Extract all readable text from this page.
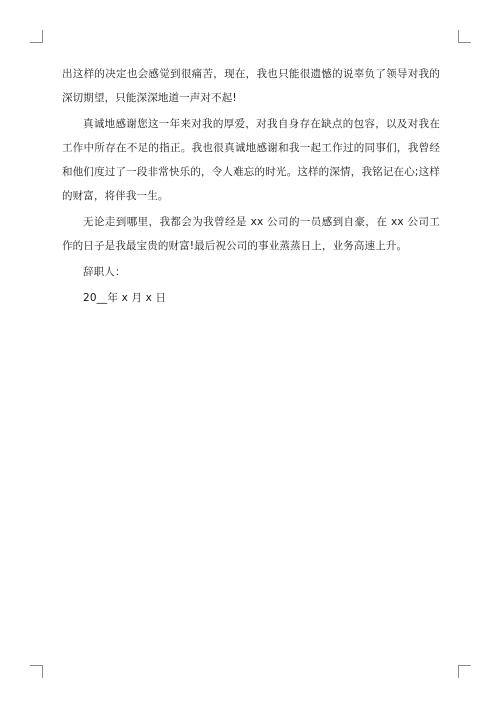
出这样的决定也会感觉到很痛苦，现在，我也只能很遗憾的说辜负了领导对我的深切期望，只能深深地道一声对不起!

真诚地感谢您这一年来对我的厚爱，对我自身存在缺点的包容，以及对我在工作中所存在不足的指正。我也很真诚地感谢和我一起工作过的同事们，我曾经和他们度过了一段非常快乐的，令人难忘的时光。这样的深情，我铭记在心;这样的财富，将伴我一生。

无论走到哪里，我都会为我曾经是 xx 公司的一员感到自豪，在 xx 公司工作的日子是我最宝贵的财富!最后祝公司的事业蒸蒸日上，业务高速上升。

辞职人：

20__年 x 月 x 日
